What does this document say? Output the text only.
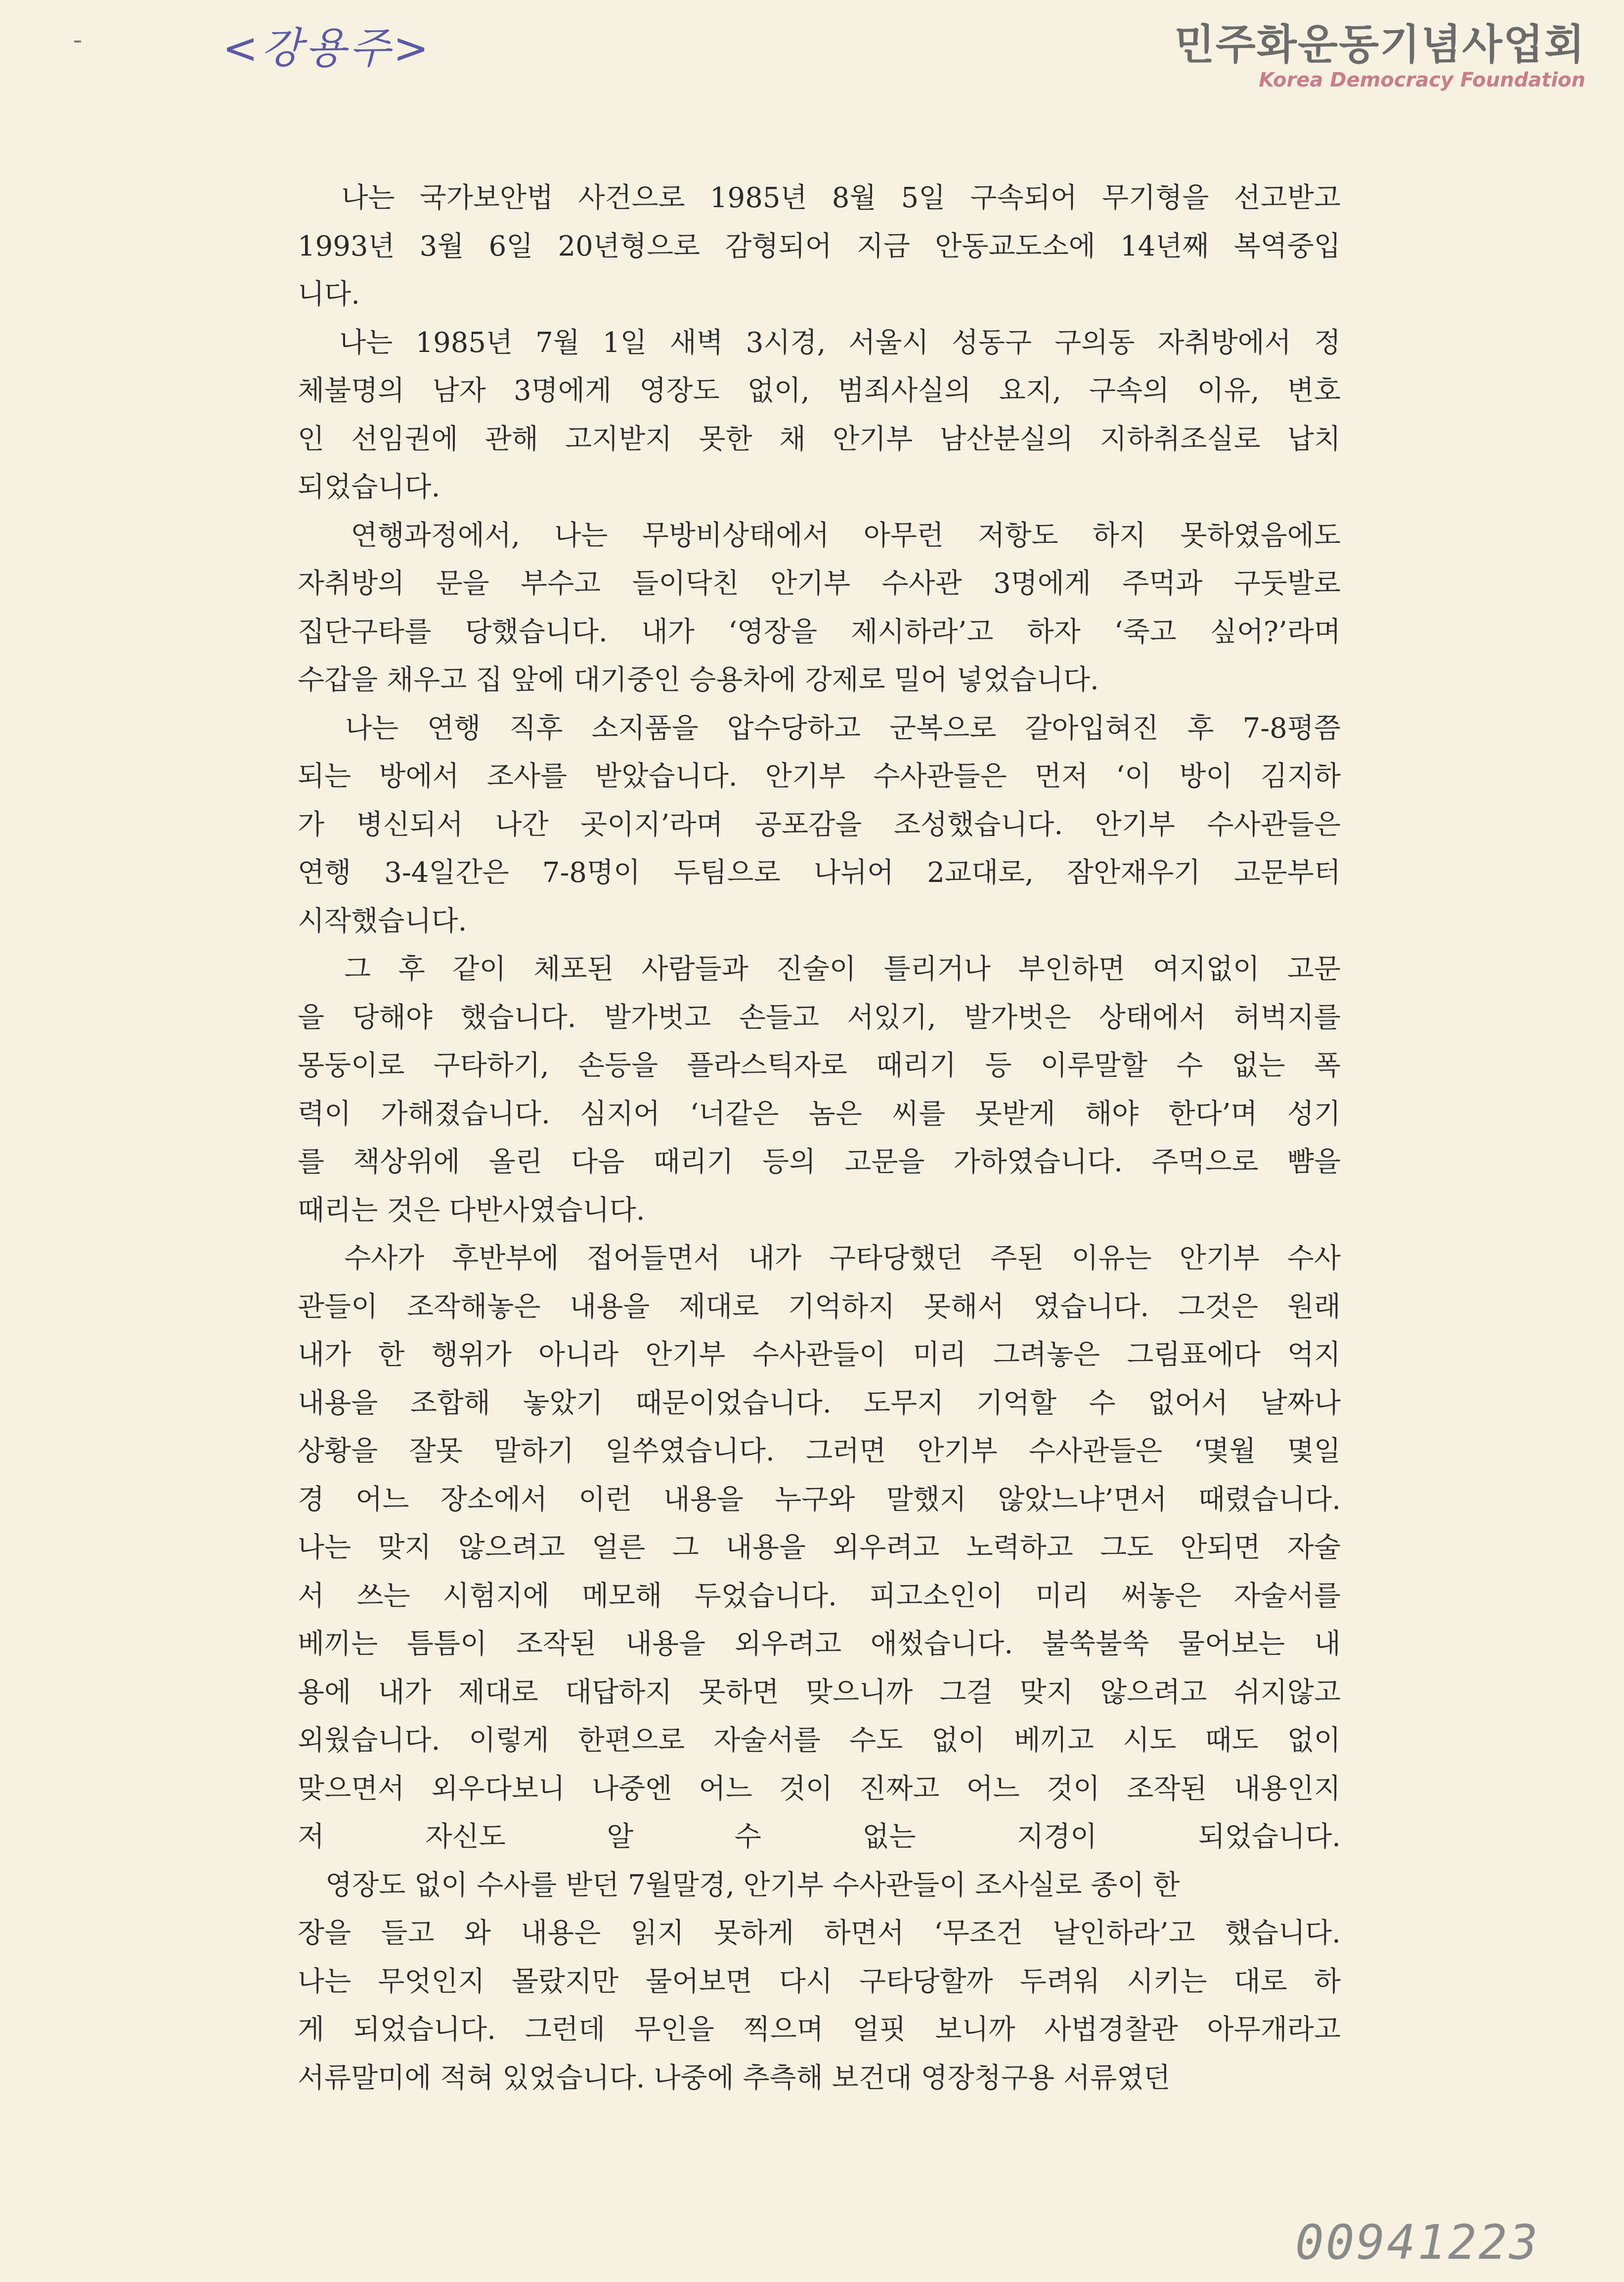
<강용주>	민주화운동기념사업회
Korea Democracy Foundation
　나는 국가보안법 사건으로 1985년 8월 5일 구속되어 무기형을 선고받고
1993년 3월 6일 20년형으로 감형되어 지금 안동교도소에 14년째 복역중입
니다.
　나는 1985년 7월 1일 새벽 3시경, 서울시 성동구 구의동 자취방에서 정
체불명의 남자 3명에게 영장도 없이, 범죄사실의 요지, 구속의 이유, 변호
인 선임권에 관해 고지받지 못한 채 안기부 남산분실의 지하취조실로 납치
되었습니다.
　연행과정에서, 나는 무방비상태에서 아무런 저항도 하지 못하였음에도
자취방의 문을 부수고 들이닥친 안기부 수사관 3명에게 주먹과 구둣발로
집단구타를 당했습니다. 내가 ‘영장을 제시하라’고 하자 ‘죽고 싶어?’라며
수갑을 채우고 집 앞에 대기중인 승용차에 강제로 밀어 넣었습니다.
　나는 연행 직후 소지품을 압수당하고 군복으로 갈아입혀진 후 7-8평쯤
되는 방에서 조사를 받았습니다. 안기부 수사관들은 먼저 ‘이 방이 김지하
가 병신되서 나간 곳이지’라며 공포감을 조성했습니다. 안기부 수사관들은
연행 3-4일간은 7-8명이 두팀으로 나뉘어 2교대로, 잠안재우기 고문부터
시작했습니다.
　그 후 같이 체포된 사람들과 진술이 틀리거나 부인하면 여지없이 고문
을 당해야 했습니다. 발가벗고 손들고 서있기, 발가벗은 상태에서 허벅지를
몽둥이로 구타하기, 손등을 플라스틱자로 때리기 등 이루말할 수 없는 폭
력이 가해졌습니다. 심지어 ‘너같은 놈은 씨를 못받게 해야 한다’며 성기
를 책상위에 올린 다음 때리기 등의 고문을 가하였습니다. 주먹으로 뺨을
때리는 것은 다반사였습니다.
　수사가 후반부에 접어들면서 내가 구타당했던 주된 이유는 안기부 수사
관들이 조작해놓은 내용을 제대로 기억하지 못해서 였습니다. 그것은 원래
내가 한 행위가 아니라 안기부 수사관들이 미리 그려놓은 그림표에다 억지
내용을 조합해 놓았기 때문이었습니다. 도무지 기억할 수 없어서 날짜나
상황을 잘못 말하기 일쑤였습니다. 그러면 안기부 수사관들은 ‘몇월 몇일
경 어느 장소에서 이런 내용을 누구와 말했지 않았느냐’면서 때렸습니다.
나는 맞지 않으려고 얼른 그 내용을 외우려고 노력하고 그도 안되면 자술
서 쓰는 시험지에 메모해 두었습니다. 피고소인이 미리 써놓은 자술서를
베끼는 틈틈이 조작된 내용을 외우려고 애썼습니다. 불쑥불쑥 물어보는 내
용에 내가 제대로 대답하지 못하면 맞으니까 그걸 맞지 않으려고 쉬지않고
외웠습니다. 이렇게 한편으로 자술서를 수도 없이 베끼고 시도 때도 없이
맞으면서 외우다보니 나중엔 어느 것이 진짜고 어느 것이 조작된 내용인지
저 자신도 알 수 없는 지경이 되었습니다.
　영장도 없이 수사를 받던 7월말경, 안기부 수사관들이 조사실로 종이 한
장을 들고 와 내용은 읽지 못하게 하면서 ‘무조건 날인하라’고 했습니다.
나는 무엇인지 몰랐지만 물어보면 다시 구타당할까 두려워 시키는 대로 하
게 되었습니다. 그런데 무인을 찍으며 얼핏 보니까 사법경찰관 아무개라고
서류말미에 적혀 있었습니다. 나중에 추측해 보건대 영장청구용 서류였던
00941223
